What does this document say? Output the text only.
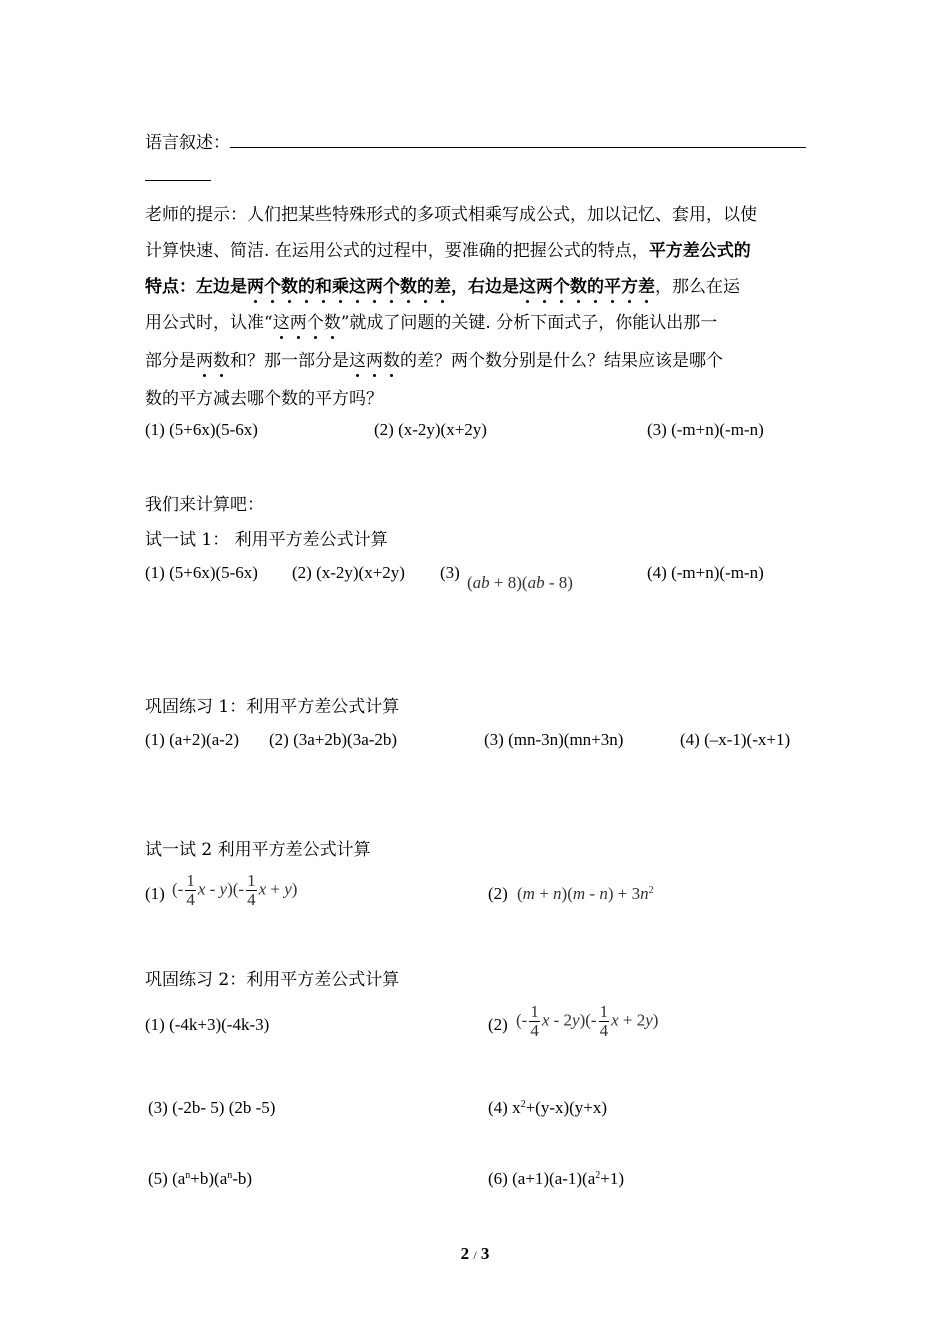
语言叙述：
老师的提示：人们把某些特殊形式的多项式相乘写成公式，加以记忆、套用，以使
计算快速、简洁. 在运用公式的过程中，要准确的把握公式的特点，平方差公式的
特点：左边是两个数的和乘这两个数的差，右边是这两个数的平方差，那么在运
用公式时，认准“这两个数”就成了问题的关键. 分析下面式子，你能认出那一
部分是两数和？那一部分是这两数的差？两个数分别是什么？结果应该是哪个
数的平方减去哪个数的平方吗？
(1) (5+6x)(5-6x)	(2) (x-2y)(x+2y)	(3) (-m+n)(-m-n)
我们来计算吧：
试一试 1： 利用平方差公式计算
(1) (5+6x)(5-6x) (2) (x-2y)(x+2y) (3)
(ab + 8)(ab - 8)
(4) (-m+n)(-m-n)
巩固练习 1：利用平方差公式计算
(1) (a+2)(a-2) (2) (3a+2b)(3a-2b)	(3) (mn-3n)(mn+3n)	(4) (–x-1)(-x+1)
试一试 2 利用平方差公式计算
(1) (- $\frac{1}{4}$ x - $y)(- \frac{1}{4}$ x + y)	(2) $(m + n)(m - n) + 3n^2$
巩固练习 2：利用平方差公式计算
(1) (-4k+3)(-4k-3)	(2) (- $\frac{1}{4}$ x - $2y)(- \frac{1}{4}$ x + 2y)
(3) (-2b- 5) (2b -5)	(4) $x^2+(y-x)(y+x)$
(5) $(a^n+b)(a^n-b)$	(6) $(a+1)(a-1)(a^2+1)$
2 / 3
